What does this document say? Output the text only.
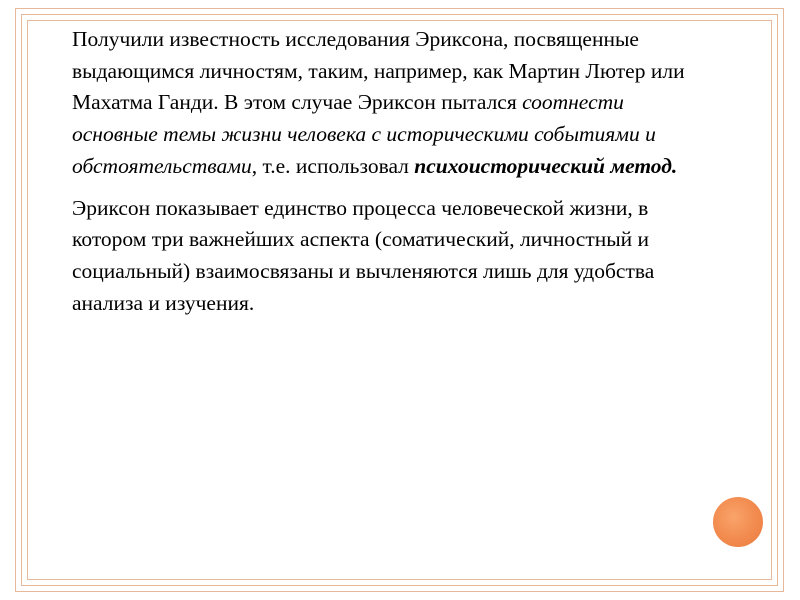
Получили известность исследования Эриксона, посвященные выдающимся личностям, таким, например, как Мартин Лютер или Махатма Ганди. В этом случае Эриксон пытался соотнести основные темы жизни человека с историческими событиями и обстоятельствами, т.е. использовал психоисторический метод.

Эриксон показывает единство процесса человеческой жизни, в котором три важнейших аспекта (соматический, личностный и социальный) взаимосвязаны и вычленяются лишь для удобства анализа и изучения.
